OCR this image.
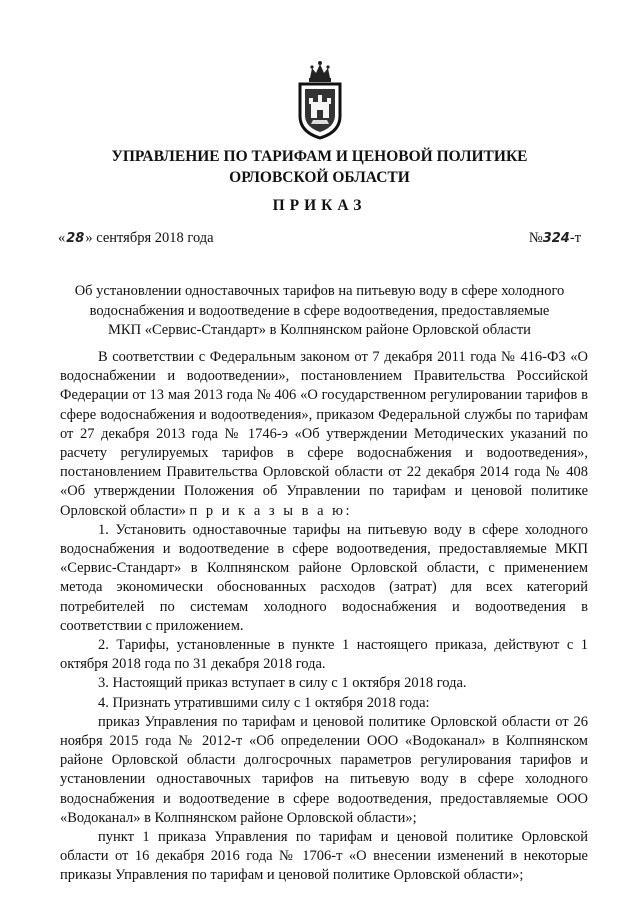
УПРАВЛЕНИЕ ПО ТАРИФАМ И ЦЕНОВОЙ ПОЛИТИКЕ
ОРЛОВСКОЙ ОБЛАСТИ
ПРИКАЗ
«28» сентября 2018 года	№324-т
Об установлении одноставочных тарифов на питьевую воду в сфере холодного
водоснабжения и водоотведение в сфере водоотведения, предоставляемые
МКП «Сервис-Стандарт» в Колпнянском районе Орловской области

В соответствии с Федеральным законом от 7 декабря 2011 года № 416-ФЗ «О водоснабжении и водоотведении», постановлением Правительства Российской Федерации от 13 мая 2013 года № 406 «О государственном регулировании тарифов в сфере водоснабжения и водоотведения», приказом Федеральной службы по тарифам от 27 декабря 2013 года № 1746-э «Об утверждении Методических указаний по расчету регулируемых тарифов в сфере водоснабжения и водоотведения», постановлением Правительства Орловской области от 22 декабря 2014 года № 408 «Об утверждении Положения об Управлении по тарифам и ценовой политике Орловской области» п р и к а з ы в а ю:

1. Установить одноставочные тарифы на питьевую воду в сфере холодного водоснабжения и водоотведение в сфере водоотведения, предоставляемые МКП «Сервис-Стандарт» в Колпнянском районе Орловской области, с применением метода экономически обоснованных расходов (затрат) для всех категорий потребителей по системам холодного водоснабжения и водоотведения в соответствии с приложением.

2. Тарифы, установленные в пункте 1 настоящего приказа, действуют с 1 октября 2018 года по 31 декабря 2018 года.

3. Настоящий приказ вступает в силу с 1 октября 2018 года.

4. Признать утратившими силу с 1 октября 2018 года:

приказ Управления по тарифам и ценовой политике Орловской области от 26 ноября 2015 года № 2012-т «Об определении ООО «Водоканал» в Колпнянском районе Орловской области долгосрочных параметров регулирования тарифов и установлении одноставочных тарифов на питьевую воду в сфере холодного водоснабжения и водоотведение в сфере водоотведения, предоставляемые ООО «Водоканал» в Колпнянском районе Орловской области»;

пункт 1 приказа Управления по тарифам и ценовой политике Орловской области от 16 декабря 2016 года № 1706-т «О внесении изменений в некоторые приказы Управления по тарифам и ценовой политике Орловской области»;
